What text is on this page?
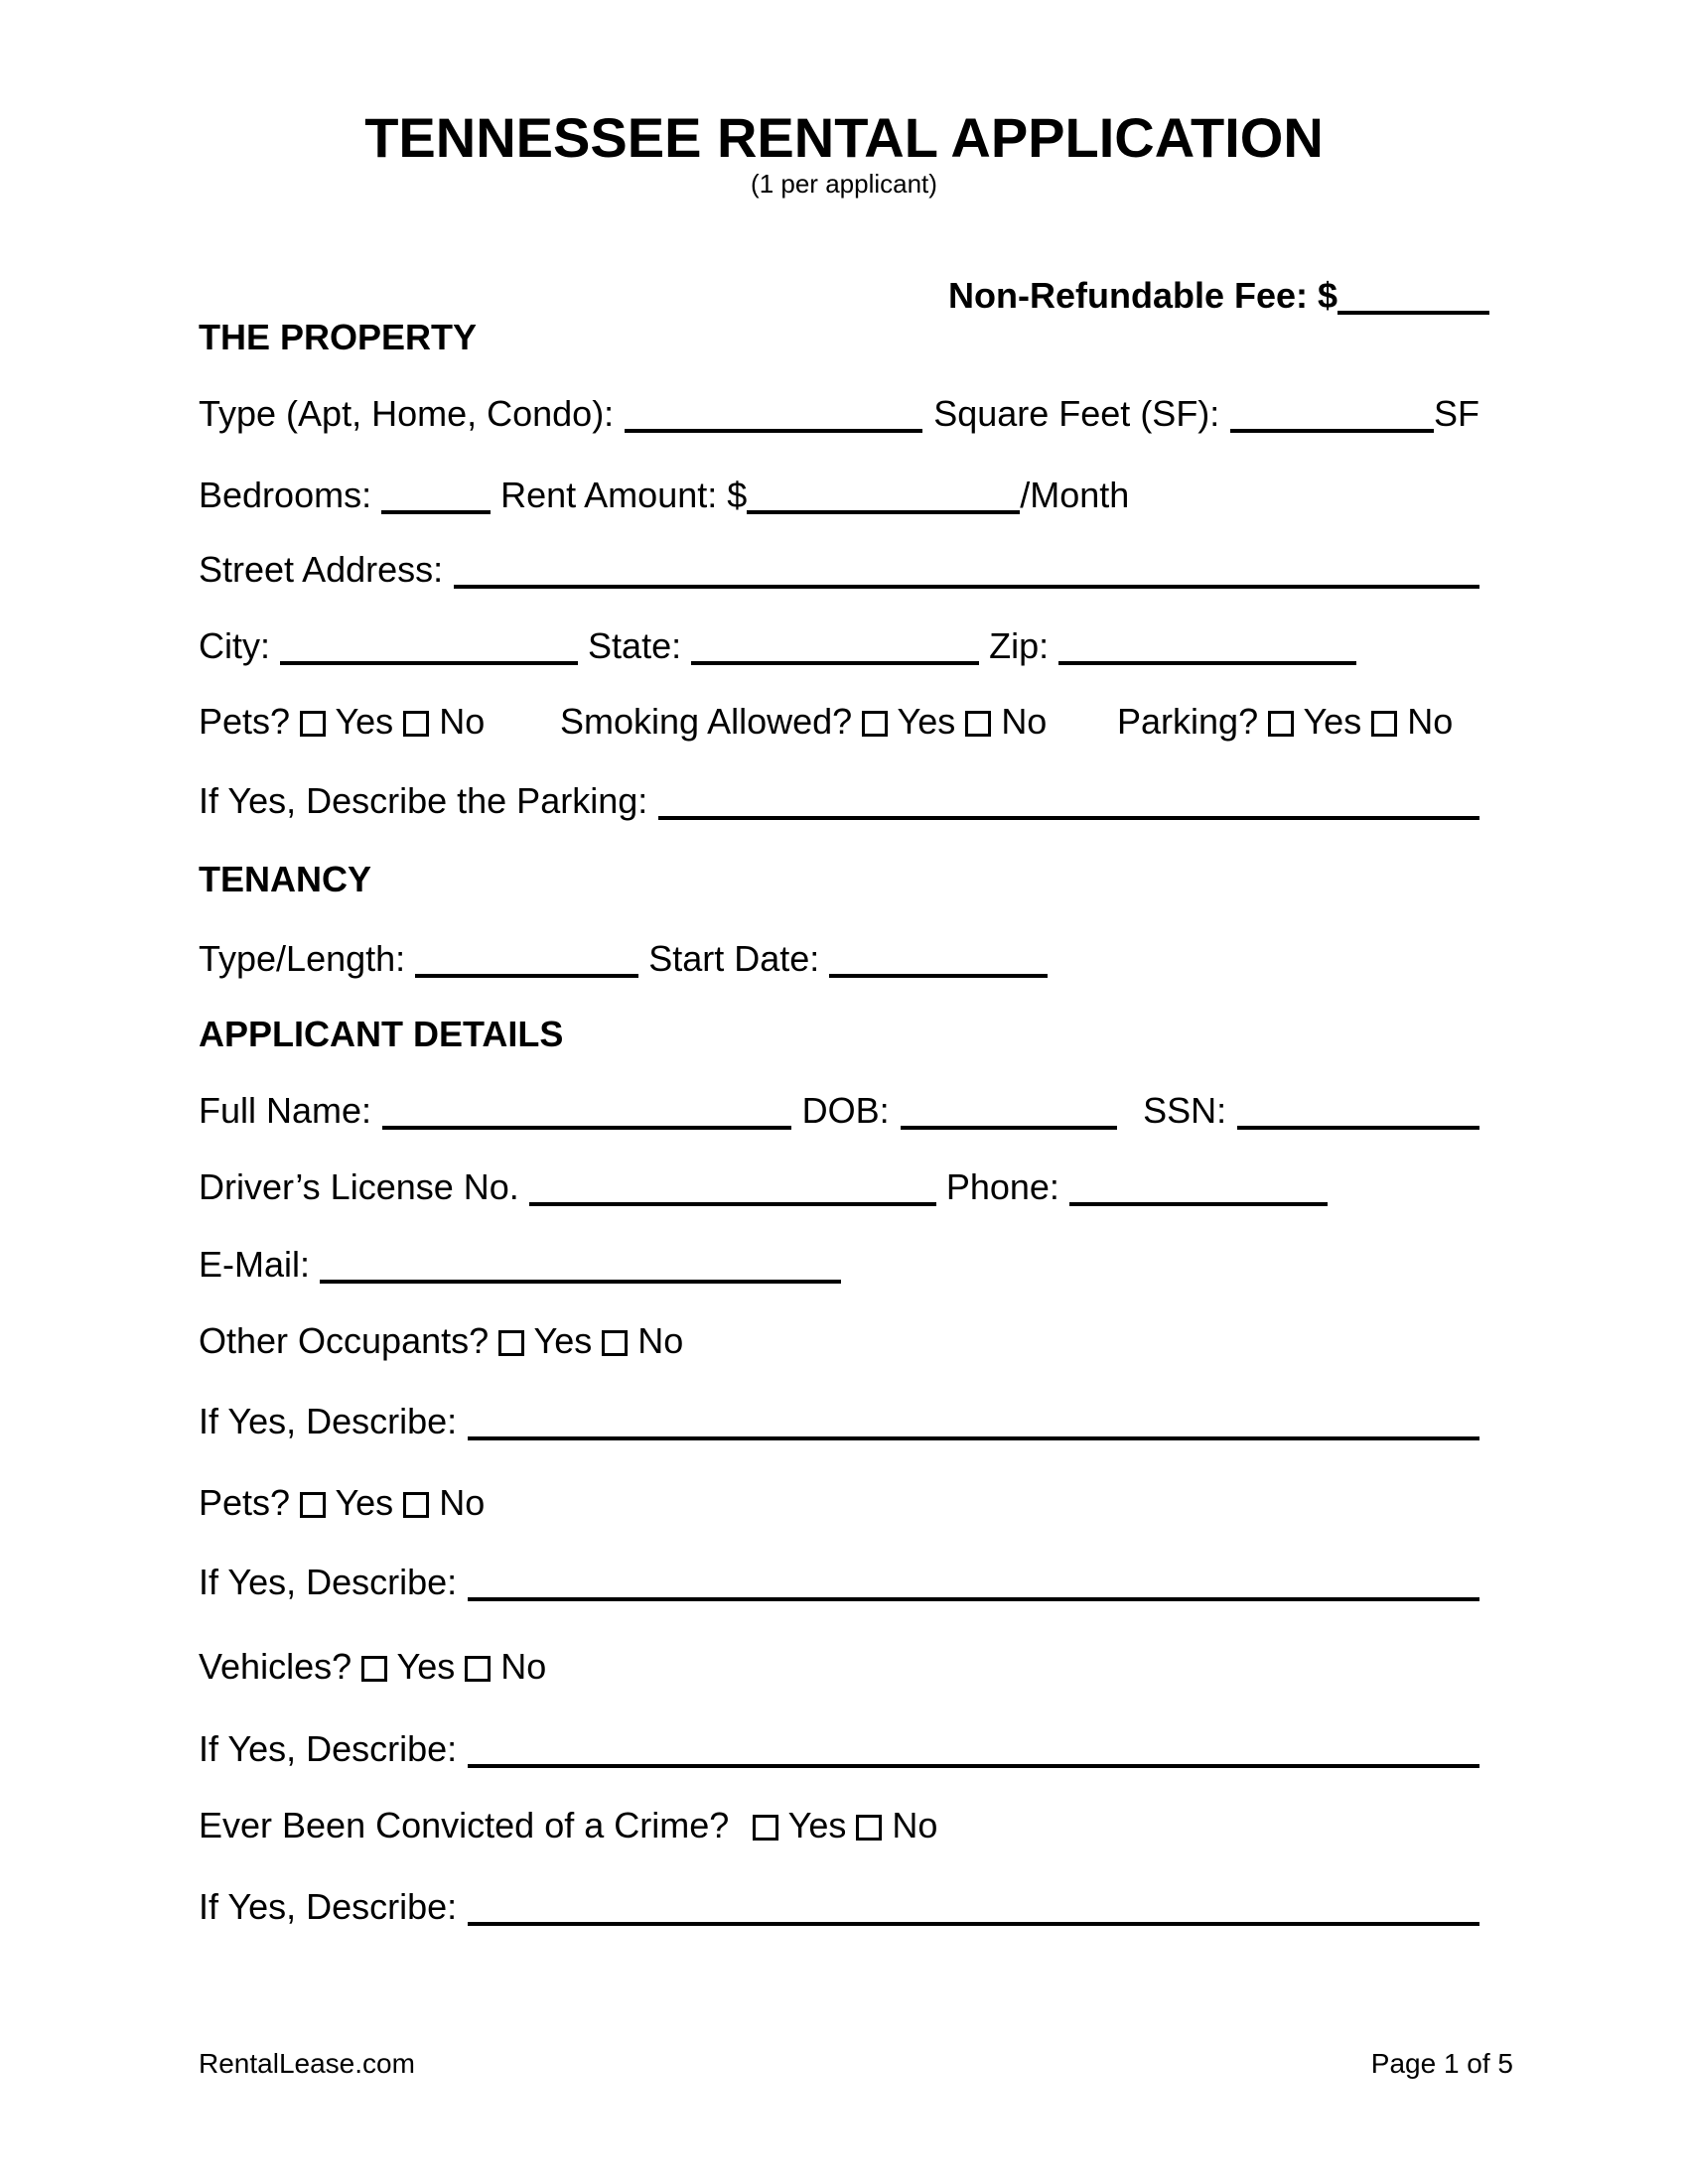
TENNESSEE RENTAL APPLICATION
(1 per applicant)
Non-Refundable Fee: $
THE PROPERTY
Type (Apt, Home, Condo):	Square Feet (SF):	SF
Bedrooms:	Rent Amount: $	/Month
Street Address:
City:	State:	Zip:
Pets? Yes No Smoking Allowed? Yes No Parking? Yes No
If Yes, Describe the Parking:
TENANCY
Type/Length:	Start Date:
APPLICANT DETAILS
Full Name:	DOB:	SSN:
Driver’s License No.	Phone:
E-Mail:
Other Occupants? Yes No
If Yes, Describe:
Pets? Yes No
If Yes, Describe:
Vehicles? Yes No
If Yes, Describe:
Ever Been Convicted of a Crime? Yes No
If Yes, Describe:
RentalLease.com	Page 1 of 5
